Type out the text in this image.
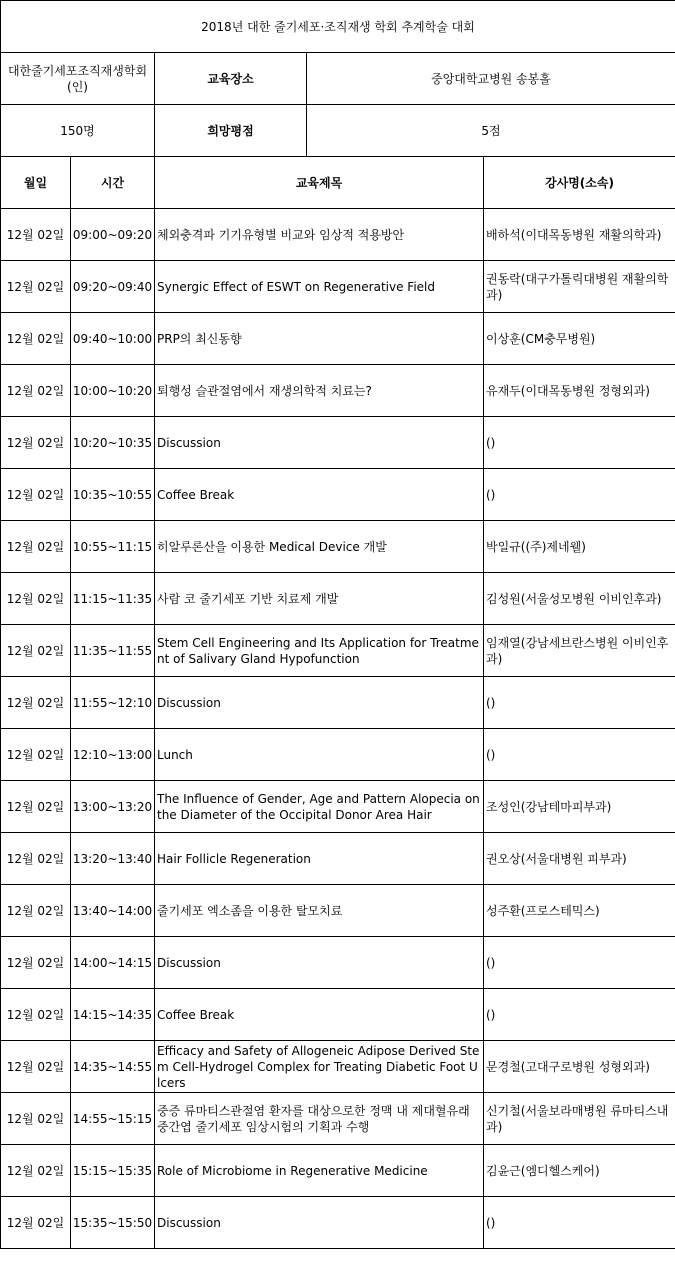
2018년 대한 줄기세포·조직재생 학회 추계학술 대회				
대한줄기세포조직재생학회(인)		교육장소	중앙대학교병원 송봉홀	
150명		희망평점	5점	
월일	시간	교육제목		강사명(소속)
12월 02일	09:00~09:20	체외충격파 기기유형별 비교와 임상적 적용방안		배하석(이대목동병원 재활의학과)
12월 02일	09:20~09:40	Synergic Effect of ESWT on Regenerative Field		권동락(대구가톨릭대병원 재활의학과)
12월 02일	09:40~10:00	PRP의 최신동향		이상훈(CM충무병원)
12월 02일	10:00~10:20	퇴행성 슬관절염에서 재생의학적 치료는?		유재두(이대목동병원 정형외과)
12월 02일	10:20~10:35	Discussion		()
12월 02일	10:35~10:55	Coffee Break		()
12월 02일	10:55~11:15	히알루론산을 이용한 Medical Device 개발		박일규((주)제네웰)
12월 02일	11:15~11:35	사람 코 줄기세포 기반 치료제 개발		김성원(서울성모병원 이비인후과)
12월 02일	11:35~11:55	Stem Cell Engineering and Its Application for Treatment of Salivary Gland Hypofunction		임재열(강남세브란스병원 이비인후과)
12월 02일	11:55~12:10	Discussion		()
12월 02일	12:10~13:00	Lunch		()
12월 02일	13:00~13:20	The Influence of Gender, Age and Pattern Alopecia on the Diameter of the Occipital Donor Area Hair		조성인(강남테마피부과)
12월 02일	13:20~13:40	Hair Follicle Regeneration		권오상(서울대병원 피부과)
12월 02일	13:40~14:00	줄기세포 엑소좀을 이용한 탈모치료		성주환(프로스테믹스)
12월 02일	14:00~14:15	Discussion		()
12월 02일	14:15~14:35	Coffee Break		()
12월 02일	14:35~14:55	Efficacy and Safety of Allogeneic Adipose Derived Stem Cell-Hydrogel Complex for Treating Diabetic Foot Ulcers		문경철(고대구로병원 성형외과)
12월 02일	14:55~15:15	중증 류마티스관절염 환자를 대상으로한 정맥 내 제대혈유래 중간엽 줄기세포 임상시험의 기획과 수행		신기철(서울보라매병원 류마티스내과)
12월 02일	15:15~15:35	Role of Microbiome in Regenerative Medicine		김윤근(엠디헬스케어)
12월 02일	15:35~15:50	Discussion		()
